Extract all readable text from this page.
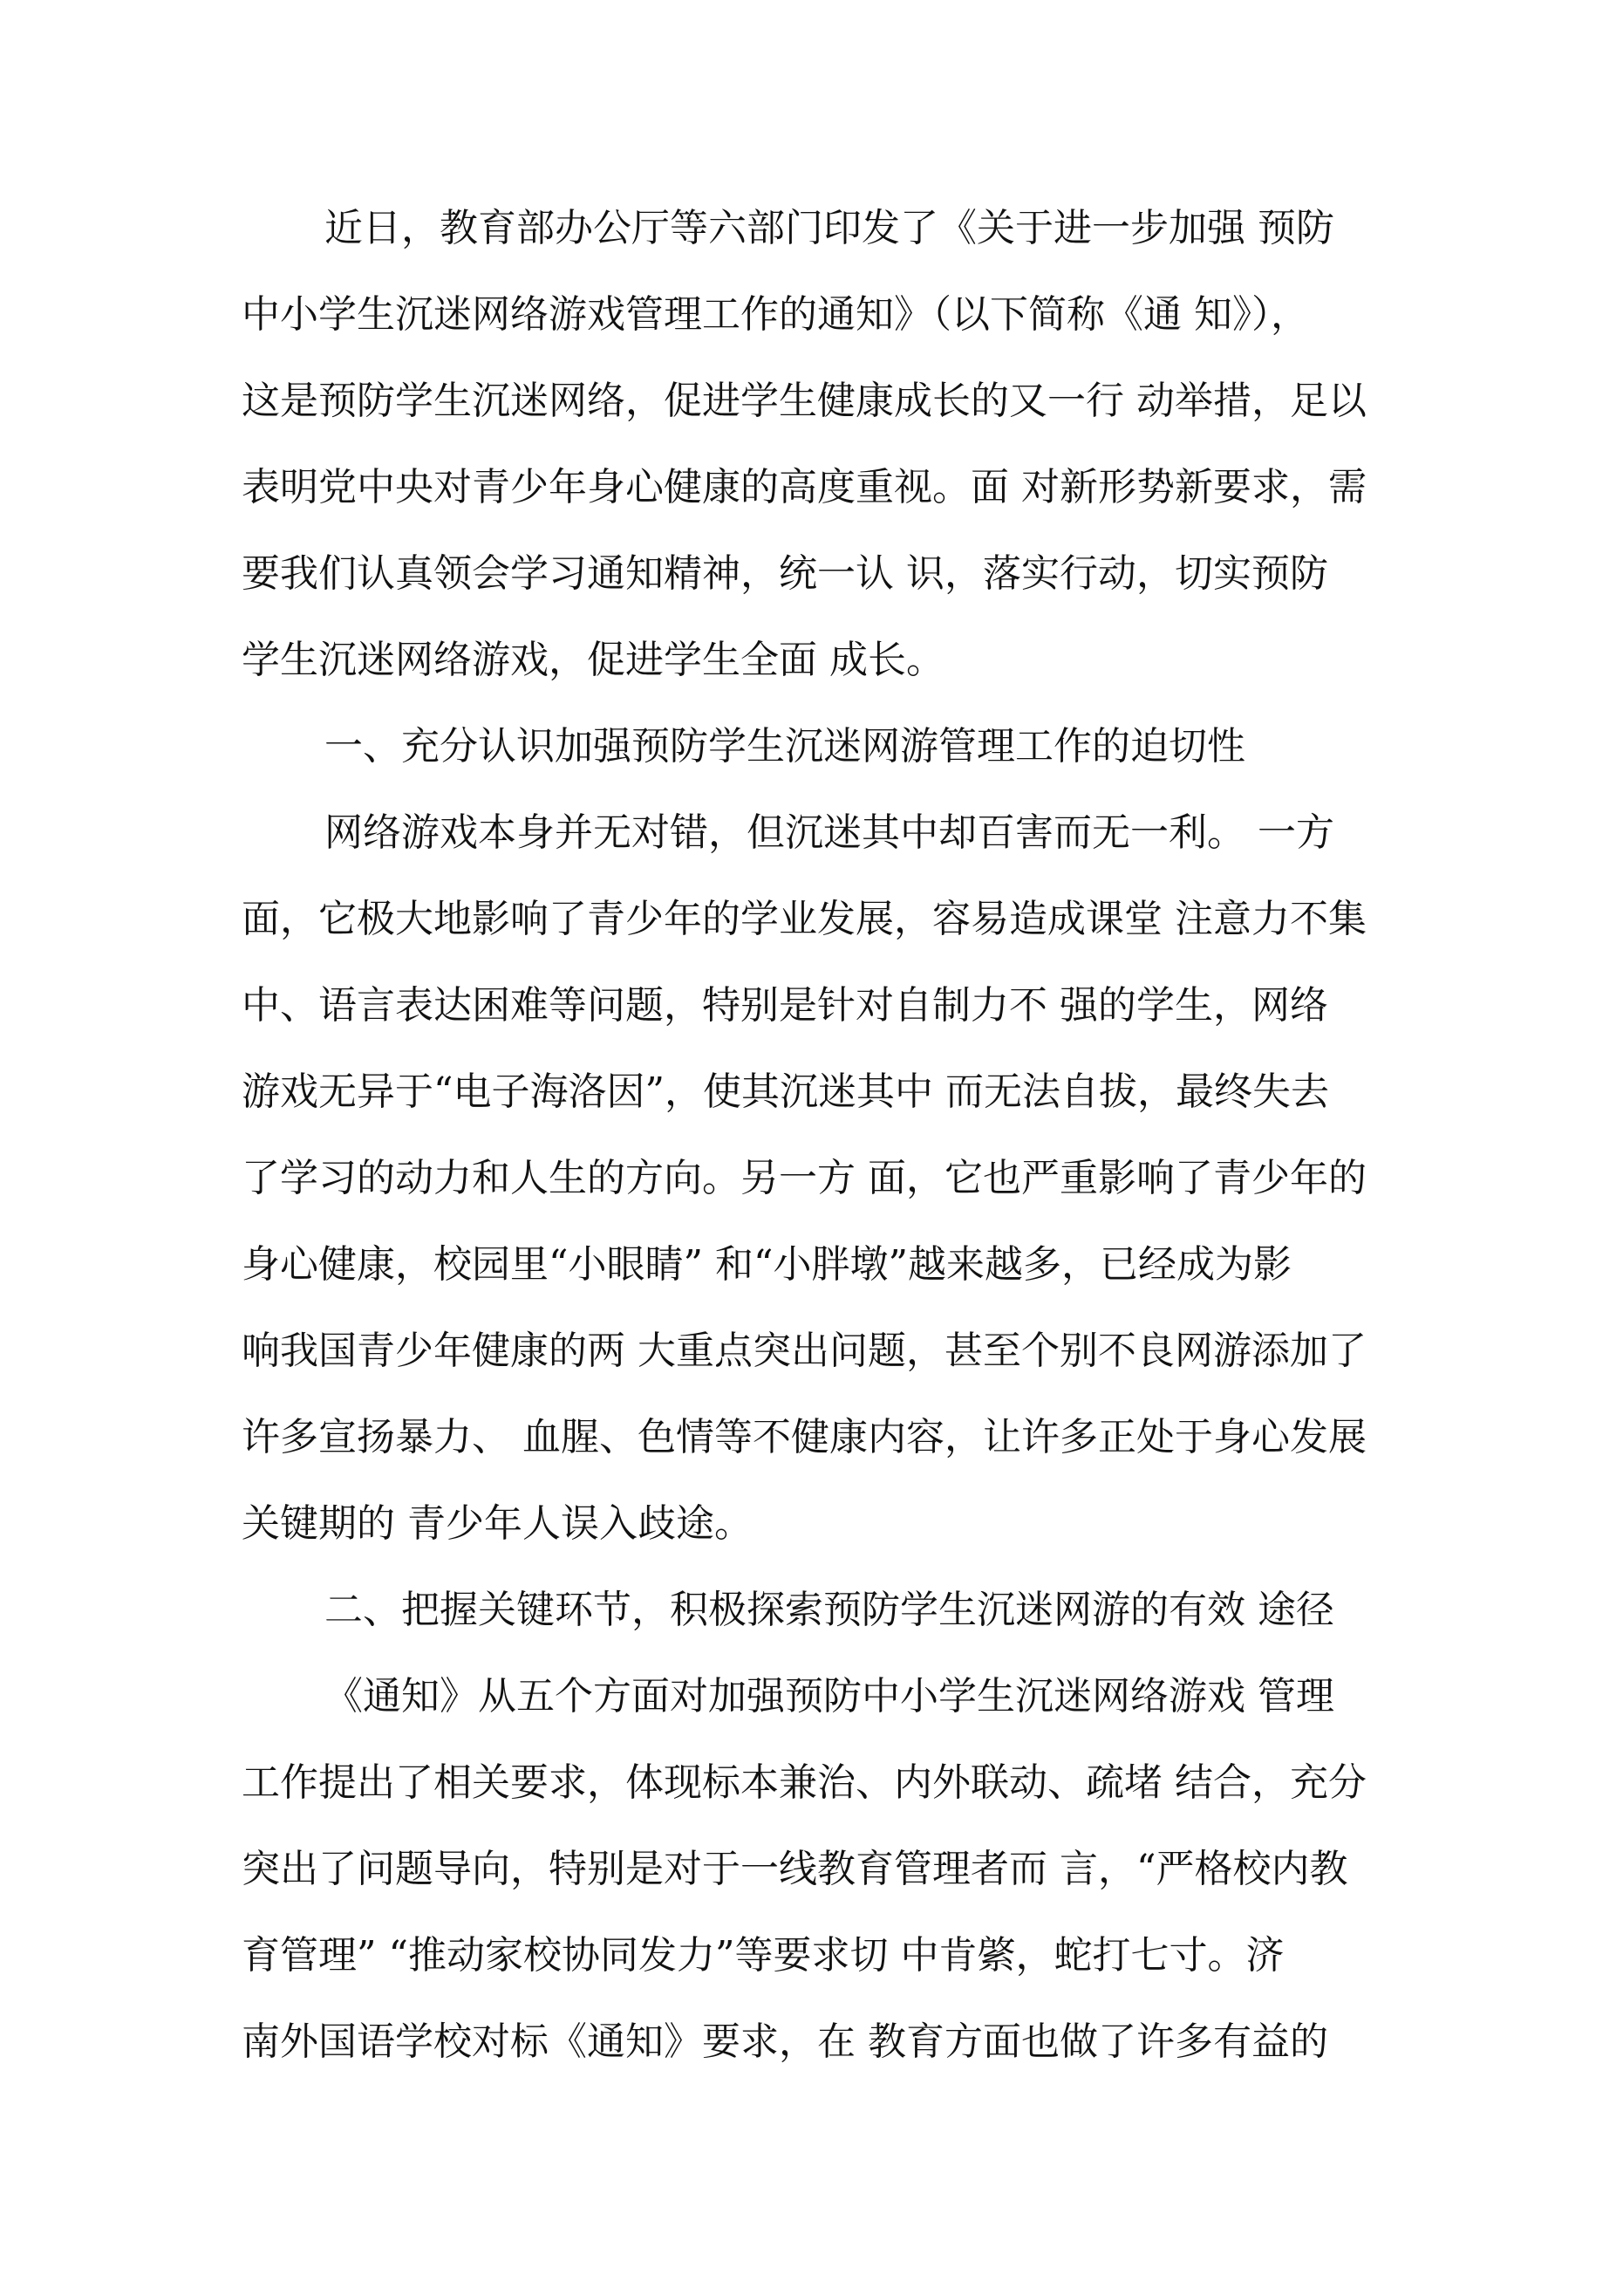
近日，教育部办公厅等六部门印发了《关于进一步加强 预防
中小学生沉迷网络游戏管理工作的通知》（以下简称《通 知》），
这是预防学生沉迷网络，促进学生健康成长的又一行 动举措，足以
表明党中央对青少年身心健康的高度重视。面 对新形势新要求，需
要我们认真领会学习通知精神，统一认 识，落实行动，切实预防
学生沉迷网络游戏，促进学生全面 成长。
一、充分认识加强预防学生沉迷网游管理工作的迫切性
网络游戏本身并无对错，但沉迷其中却百害而无一利。 一方
面，它极大地影响了青少年的学业发展，容易造成课堂 注意力不集
中、语言表达困难等问题，特别是针对自制力不 强的学生，网络
游戏无异于“电子海洛因”，使其沉迷其中 而无法自拔，最终失去
了学习的动力和人生的方向。另一方 面，它也严重影响了青少年的
身心健康，校园里“小眼睛” 和“小胖墩”越来越多，已经成为影
响我国青少年健康的两 大重点突出问题，甚至个别不良网游添加了
许多宣扬暴力、 血腥、色情等不健康内容，让许多正处于身心发展
关键期的 青少年人误入歧途。
二、把握关键环节，积极探索预防学生沉迷网游的有效 途径
《通知》从五个方面对加强预防中小学生沉迷网络游戏 管理
工作提出了相关要求，体现标本兼治、内外联动、疏堵 结合，充分
突出了问题导向，特别是对于一线教育管理者而 言，“严格校内教
育管理” “推动家校协同发力”等要求切 中肯綮，蛇打七寸。济
南外国语学校对标《通知》要求，在 教育方面也做了许多有益的
